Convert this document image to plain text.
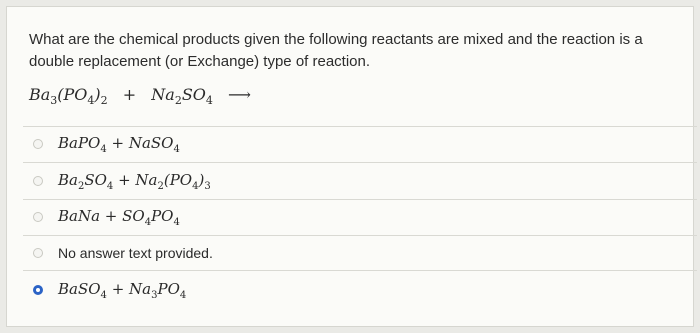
What are the chemical products given the following reactants are mixed and the reaction is a double replacement (or Exchange) type of reaction.
$Ba_3(PO_4)_2 + Na_2SO_4$ ⟶
BaPO$_4$ + NaSO$_4$
$Ba_2SO_4 + Na_2(PO_4)_3$
BaNa + $SO_4PO_4$
No answer text provided.
BaSO$_4$ + $Na_3PO_4$
